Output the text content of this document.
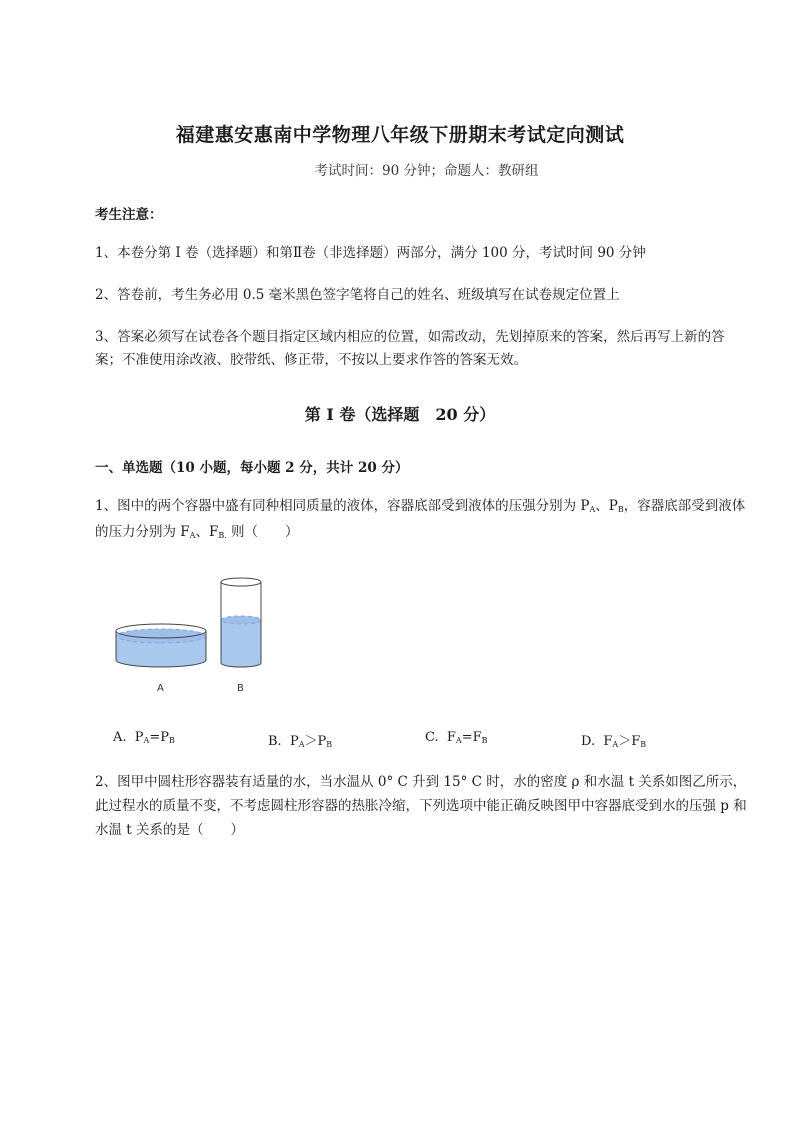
福建惠安惠南中学物理八年级下册期末考试定向测试
考试时间：90 分钟；命题人：教研组
考生注意：
1、本卷分第 I 卷（选择题）和第Ⅱ卷（非选择题）两部分，满分 100 分，考试时间 90 分钟
2、答卷前，考生务必用 0.5 毫米黑色签字笔将自己的姓名、班级填写在试卷规定位置上
3、答案必须写在试卷各个题目指定区域内相应的位置，如需改动，先划掉原来的答案，然后再写上新的答案；不准使用涂改液、胶带纸、修正带，不按以上要求作答的答案无效。
第 I 卷（选择题　20 分）
一、单选题（10 小题，每小题 2 分，共计 20 分）
1、图中的两个容器中盛有同种相同质量的液体，容器底部受到液体的压强分别为 $P_A$、$P_B$，容器底部受到液体的压力分别为 $F_A$、$F_{B.}$ 则（　　）
A	B
A. $P_A=P_B$	B. $P_A>P_B$	C. $F_A=F_B$	D. $F_A>F_B$
2、图甲中圆柱形容器装有适量的水，当水温从 0° C 升到 15° C 时，水的密度 ρ 和水温 t 关系如图乙所示，此过程水的质量不变，不考虑圆柱形容器的热胀冷缩，下列选项中能正确反映图甲中容器底受到水的压强 p 和水温 t 关系的是（　　）
